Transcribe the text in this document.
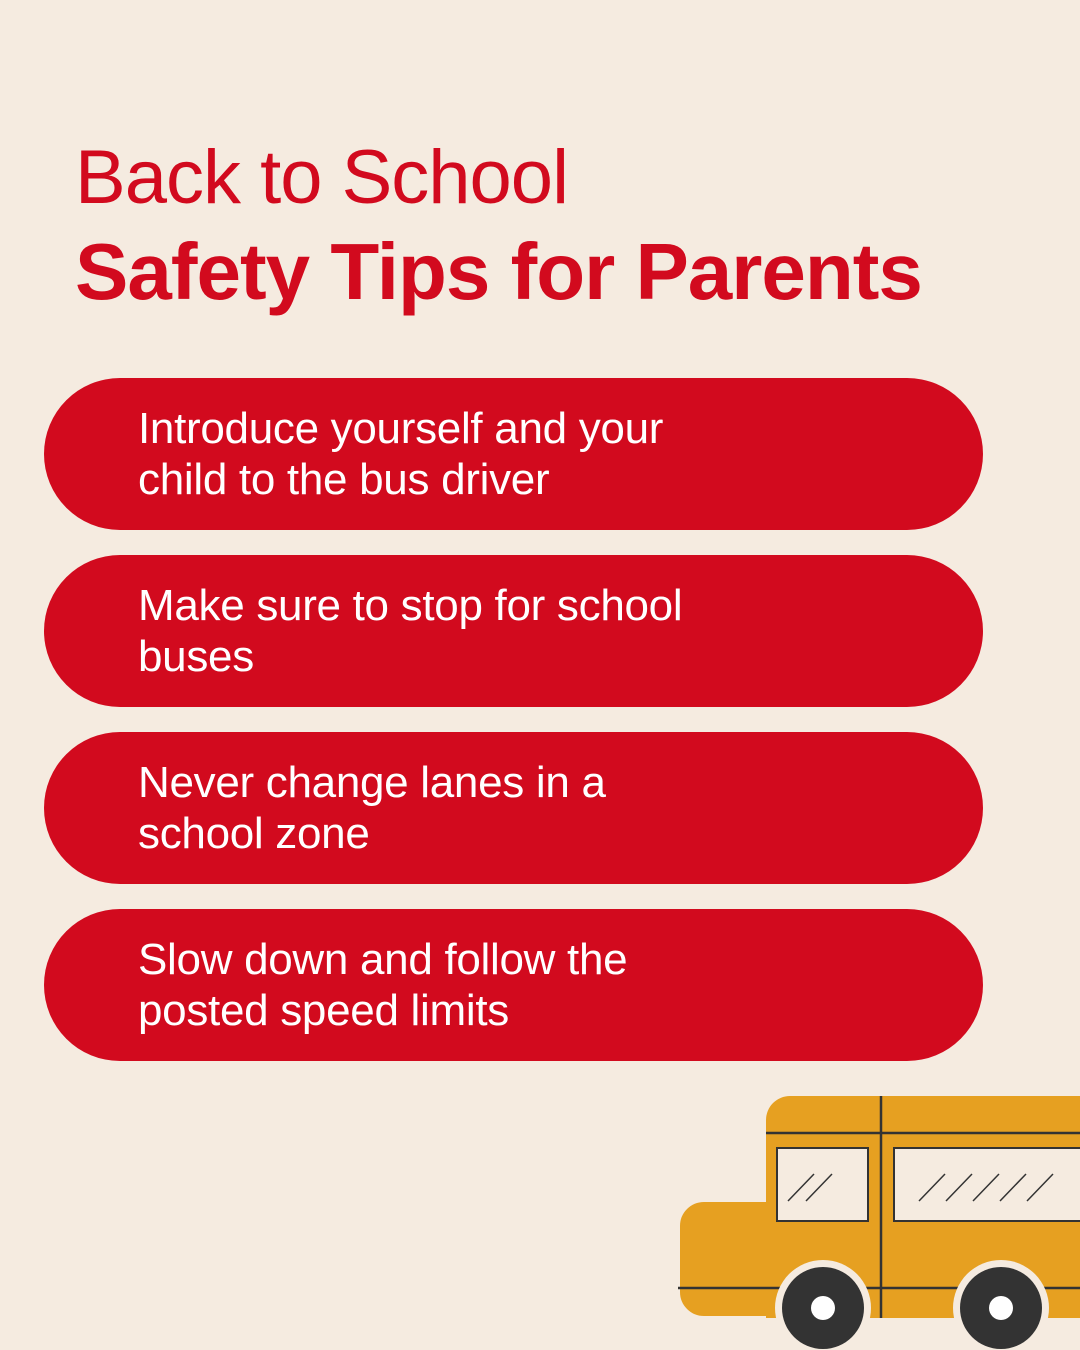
Back to School
Safety Tips for Parents
Introduce yourself and your child to the bus driver
Make sure to stop for school buses
Never change lanes in a school zone
Slow down and follow the posted speed limits
